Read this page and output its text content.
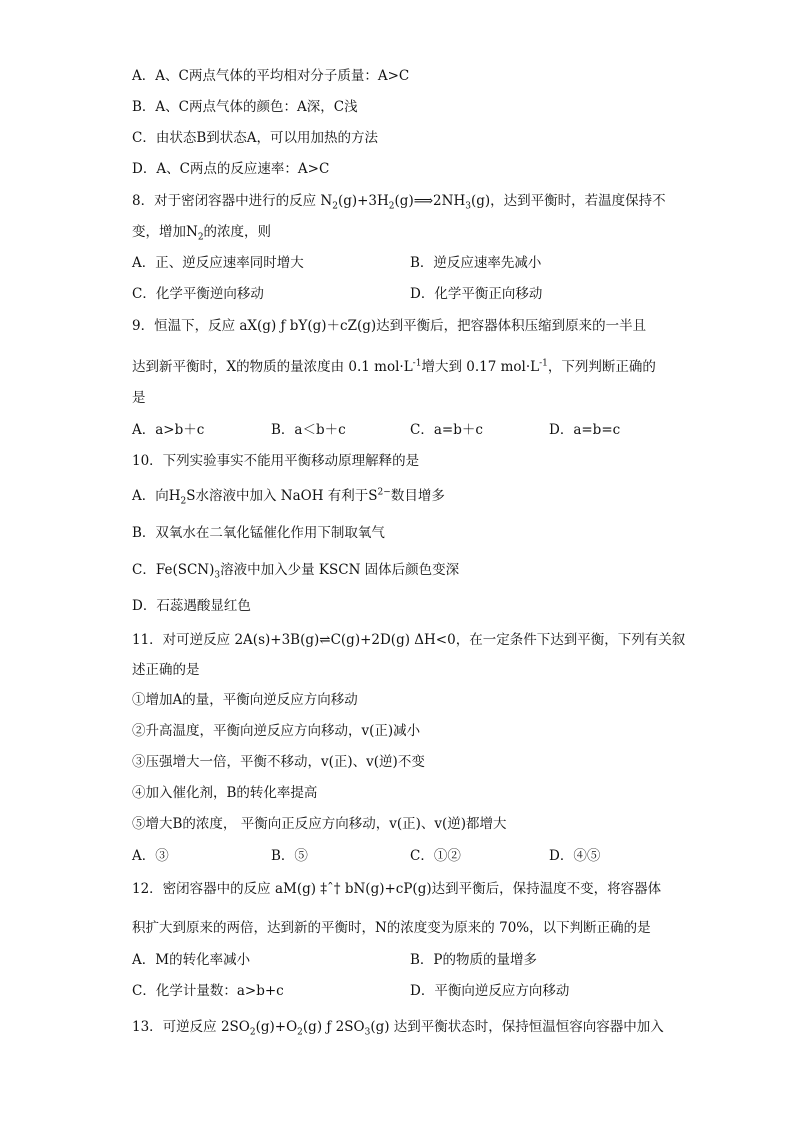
A．A、C两点气体的平均相对分子质量：A>C
B．A、C两点气体的颜色：A深，C浅
C．由状态B到状态A，可以用加热的方法
D．A、C两点的反应速率：A>C
8．对于密闭容器中进行的反应 $N_2(g)+3H_2(g)⟹2NH_3(g)$，达到平衡时，若温度保持不
变，增加$N_2$的浓度，则
A．正、逆反应速率同时增大	B．逆反应速率先减小
C．化学平衡逆向移动	D．化学平衡正向移动
9．恒温下，反应 aX(g) ƒ bY(g)＋cZ(g)达到平衡后，把容器体积压缩到原来的一半且
达到新平衡时，X的物质的量浓度由 0.1 $mol\cdot L^{-1}$增大到 0.17 $mol\cdot L^{-1}$，下列判断正确的
是
A．a>b＋c	B．a＜b＋c	C．a=b＋c	D．a=b=c
10．下列实验事实不能用平衡移动原理解释的是
A．向$H_2S$水溶液中加入 NaOH 有利于$S^{2-}$数目增多
B．双氧水在二氧化锰催化作用下制取氧气
C．$Fe(SCN)_3$溶液中加入少量 KSCN 固体后颜色变深
D．石蕊遇酸显红色
11．对可逆反应 2A(s)+3B(g)⇌C(g)+2D(g) ΔH<0，在一定条件下达到平衡，下列有关叙
述正确的是
①增加A的量，平衡向逆反应方向移动
②升高温度，平衡向逆反应方向移动，v(正)减小
③压强增大一倍，平衡不移动，v(正)、v(逆)不变
④加入催化剂，B的转化率提高
⑤增大B的浓度， 平衡向正反应方向移动，v(正)、v(逆)都增大
A．③	B．⑤	C．①②	D．④⑤
12．密闭容器中的反应 aM(g) ‡ˆ† bN(g)+cP(g)达到平衡后，保持温度不变，将容器体
积扩大到原来的两倍，达到新的平衡时，N的浓度变为原来的 70%，以下判断正确的是
A．M的转化率减小	B．P的物质的量增多
C．化学计量数：a>b+c	D．平衡向逆反应方向移动
13．可逆反应 $2SO_2(g)+O_2(g)$ ƒ $2SO_3(g)$ 达到平衡状态时，保持恒温恒容向容器中加入
